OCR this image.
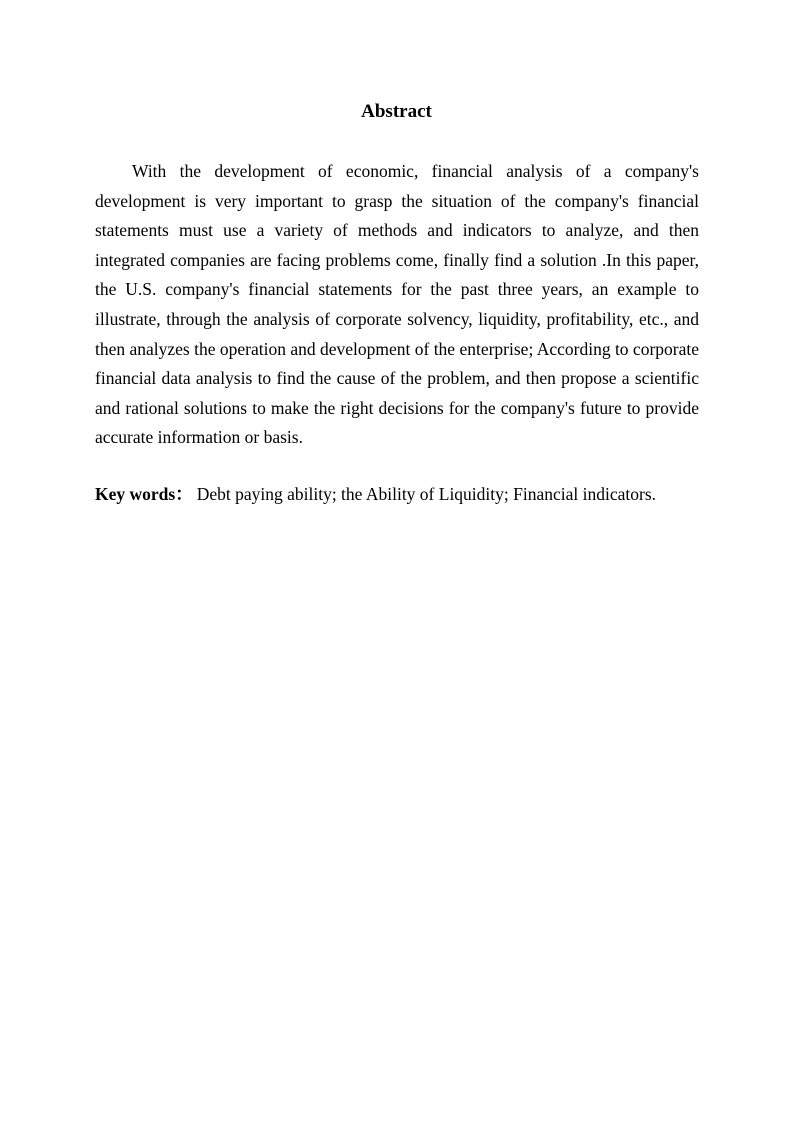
Abstract

With the development of economic, financial analysis of a company's development is very important to grasp the situation of the company's financial statements must use a variety of methods and indicators to analyze, and then integrated companies are facing problems come, finally find a solution .In this paper, the U.S. company's financial statements for the past three years, an example to illustrate, through the analysis of corporate solvency, liquidity, profitability, etc., and then analyzes the operation and development of the enterprise; According to corporate financial data analysis to find the cause of the problem, and then propose a scientific and rational solutions to make the right decisions for the company's future to provide accurate information or basis.

Key words： Debt paying ability; the Ability of Liquidity; Financial indicators.
